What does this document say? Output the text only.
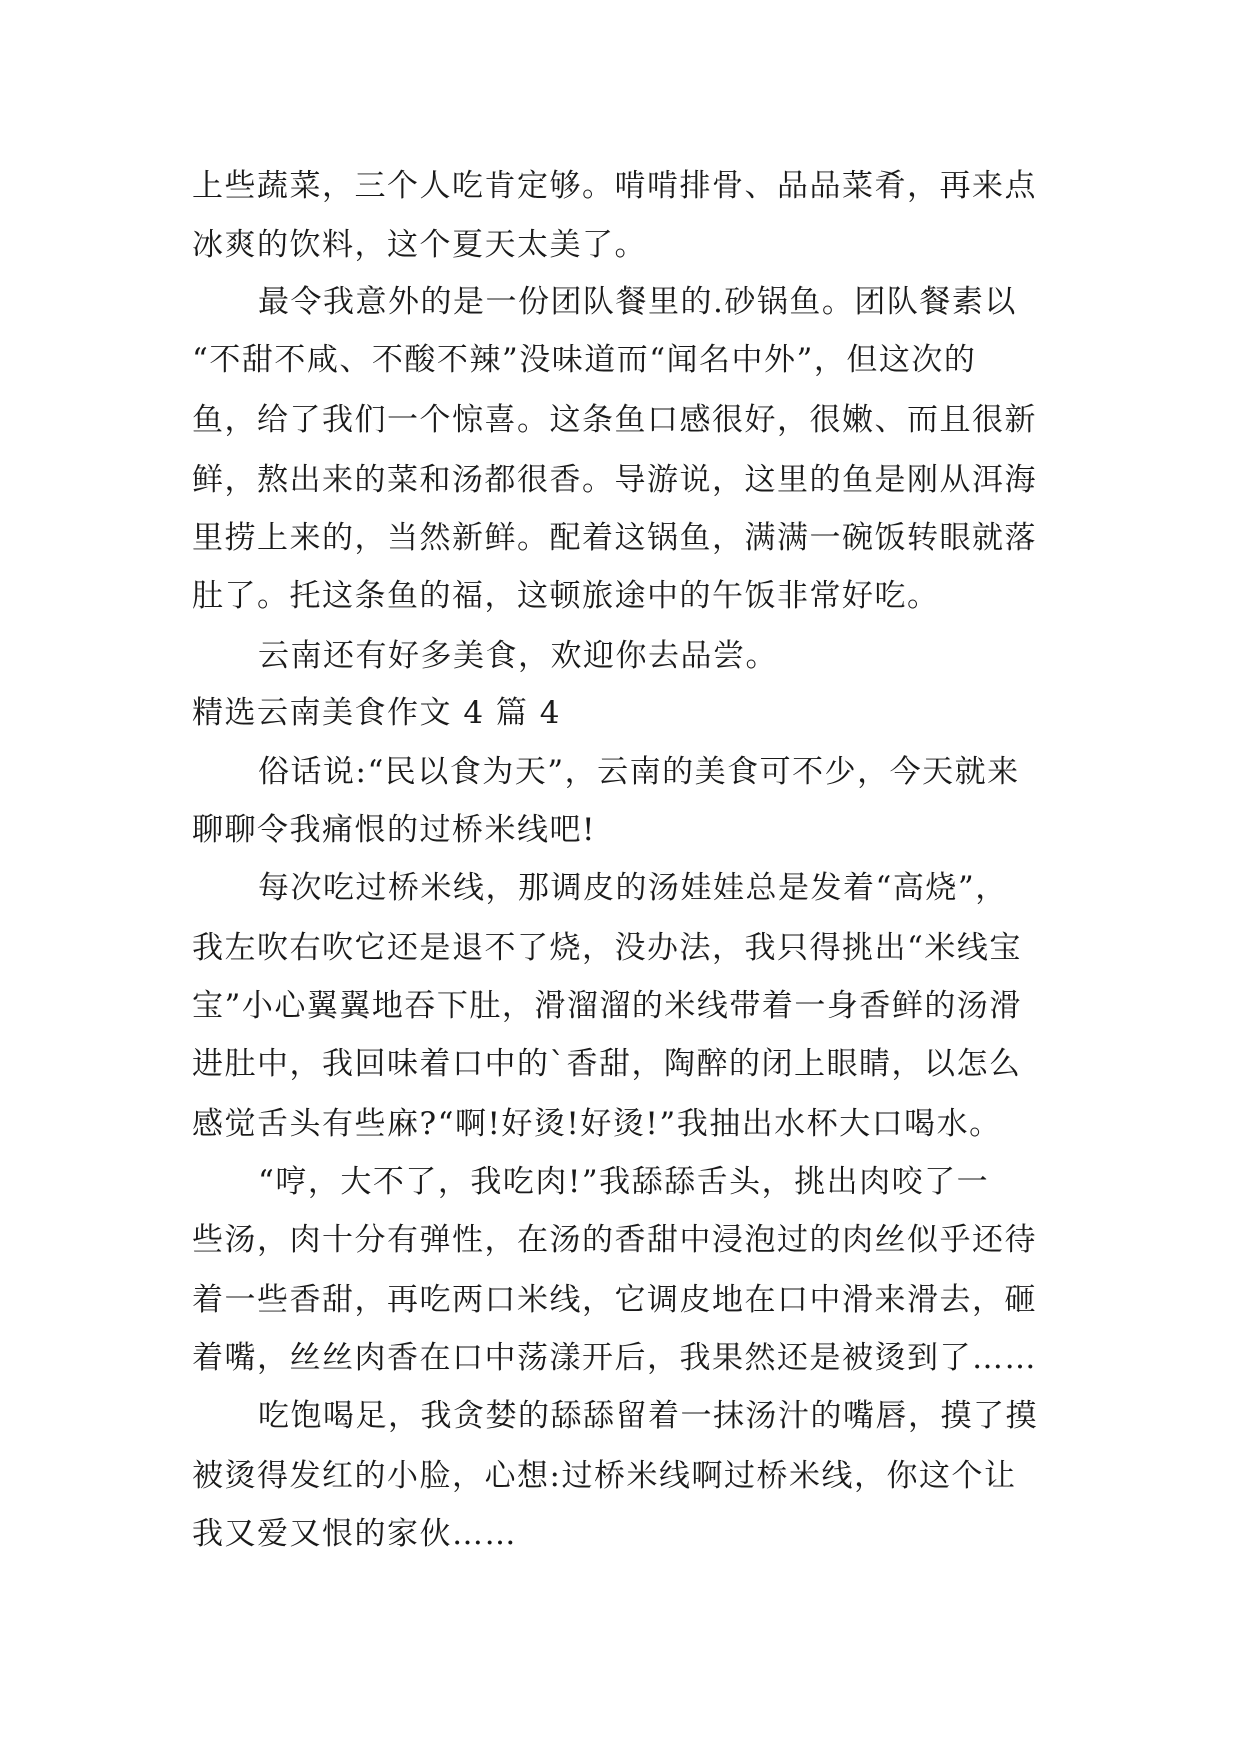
上些蔬菜，三个人吃肯定够。啃啃排骨、品品菜肴，再来点
冰爽的饮料，这个夏天太美了。
最令我意外的是一份团队餐里的.砂锅鱼。团队餐素以
“不甜不咸、不酸不辣”没味道而“闻名中外”，但这次的
鱼，给了我们一个惊喜。这条鱼口感很好，很嫩、而且很新
鲜，熬出来的菜和汤都很香。导游说，这里的鱼是刚从洱海
里捞上来的，当然新鲜。配着这锅鱼，满满一碗饭转眼就落
肚了。托这条鱼的福，这顿旅途中的午饭非常好吃。
云南还有好多美食，欢迎你去品尝。
精选云南美食作文 4 篇 4
俗话说:“民以食为天”，云南的美食可不少，今天就来
聊聊令我痛恨的过桥米线吧!
每次吃过桥米线，那调皮的汤娃娃总是发着“高烧”，
我左吹右吹它还是退不了烧，没办法，我只得挑出“米线宝
宝”小心翼翼地吞下肚，滑溜溜的米线带着一身香鲜的汤滑
进肚中，我回味着口中的`香甜，陶醉的闭上眼睛，以怎么
感觉舌头有些麻?“啊!好烫!好烫!”我抽出水杯大口喝水。
“哼，大不了，我吃肉!”我舔舔舌头，挑出肉咬了一
些汤，肉十分有弹性，在汤的香甜中浸泡过的肉丝似乎还待
着一些香甜，再吃两口米线，它调皮地在口中滑来滑去，砸
着嘴，丝丝肉香在口中荡漾开后，我果然还是被烫到了……
吃饱喝足，我贪婪的舔舔留着一抹汤汁的嘴唇，摸了摸
被烫得发红的小脸，心想:过桥米线啊过桥米线，你这个让
我又爱又恨的家伙……
